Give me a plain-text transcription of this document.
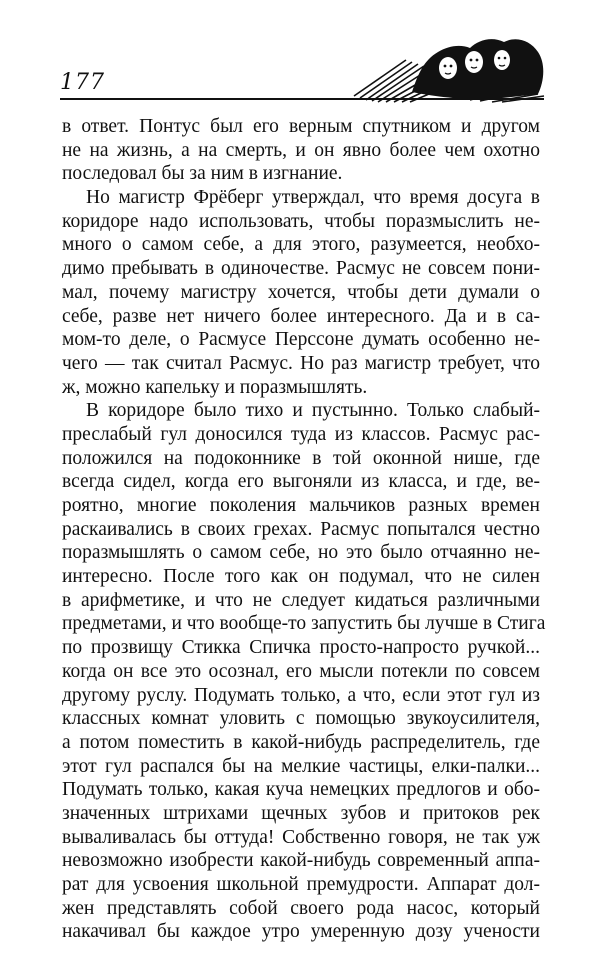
177
в ответ. Понтус был его верным спутником и другом
не на жизнь, а на смерть, и он явно более чем охотно
последовал бы за ним в изгнание.
Но магистр Фрёберг утверждал, что время досуга в
коридоре надо использовать, чтобы поразмыслить не-
много о самом себе, а для этого, разумеется, необхо-
димо пребывать в одиночестве. Расмус не совсем пони-
мал, почему магистру хочется, чтобы дети думали о
себе, разве нет ничего более интересного. Да и в са-
мом-то деле, о Расмусе Перссоне думать особенно не-
чего — так считал Расмус. Но раз магистр требует, что
ж, можно капельку и поразмышлять.
В коридоре было тихо и пустынно. Только слабый-
преслабый гул доносился туда из классов. Расмус рас-
положился на подоконнике в той оконной нише, где
всегда сидел, когда его выгоняли из класса, и где, ве-
роятно, многие поколения мальчиков разных времен
раскаивались в своих грехах. Расмус попытался честно
поразмышлять о самом себе, но это было отчаянно не-
интересно. После того как он подумал, что не силен
в арифметике, и что не следует кидаться различными
предметами, и что вообще-то запустить бы лучше в Стига
по прозвищу Стикка Спичка просто-напросто ручкой...
когда он все это осознал, его мысли потекли по совсем
другому руслу. Подумать только, а что, если этот гул из
классных комнат уловить с помощью звукоусилителя,
а потом поместить в какой-нибудь распределитель, где
этот гул распался бы на мелкие частицы, елки-палки...
Подумать только, какая куча немецких предлогов и обо-
значенных штрихами щечных зубов и притоков рек
вываливалась бы оттуда! Собственно говоря, не так уж
невозможно изобрести какой-нибудь современный аппа-
рат для усвоения школьной премудрости. Аппарат дол-
жен представлять собой своего рода насос, который
накачивал бы каждое утро умеренную дозу учености
